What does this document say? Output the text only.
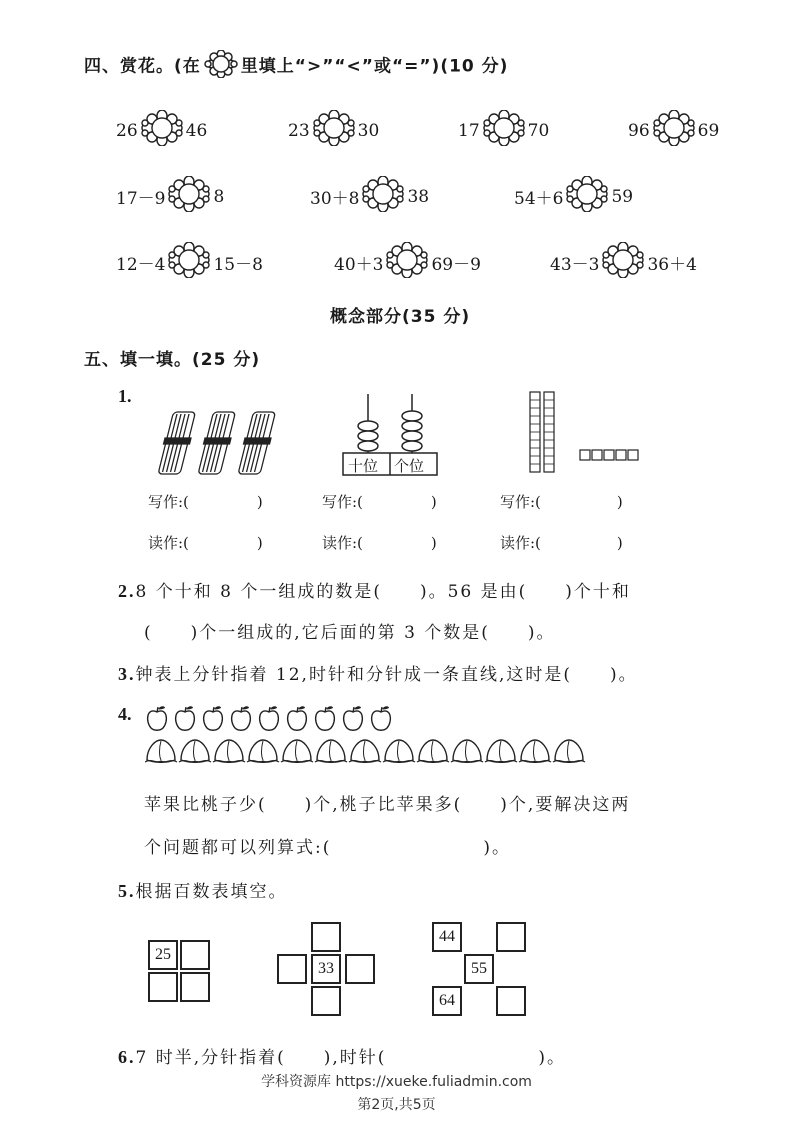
四、赏花。(在 里填上“>”“<”或“=”)(10 分)
26	46	23	30	17	70	96	69
17－9	8	30＋8	38	54＋6	59
12－4	15－8	40＋3	69－9	43－3	36＋4
概念部分(35 分)
五、填一填。(25 分)
1.
十位 个位
写作:(	)	写作:(	)	写作:(	)
读作:(	)	读作:(	)	读作:(	)
2.8 个十和 8 个一组成的数是(　　)。56 是由(　　)个十和
(　　)个一组成的,它后面的第 3 个数是(　　)。
3.钟表上分针指着 12,时针和分针成一条直线,这时是(　　)。
4.
苹果比桃子少(　　)个,桃子比苹果多(　　)个,要解决这两
个问题都可以列算式:(　　　　　　　　)。
5.根据百数表填空。
25
33
44
55
64
6.7 时半,分针指着(　　),时针(　　　　　　　　)。
学科资源库 https://xueke.fuliadmin.com
第2页,共5页
